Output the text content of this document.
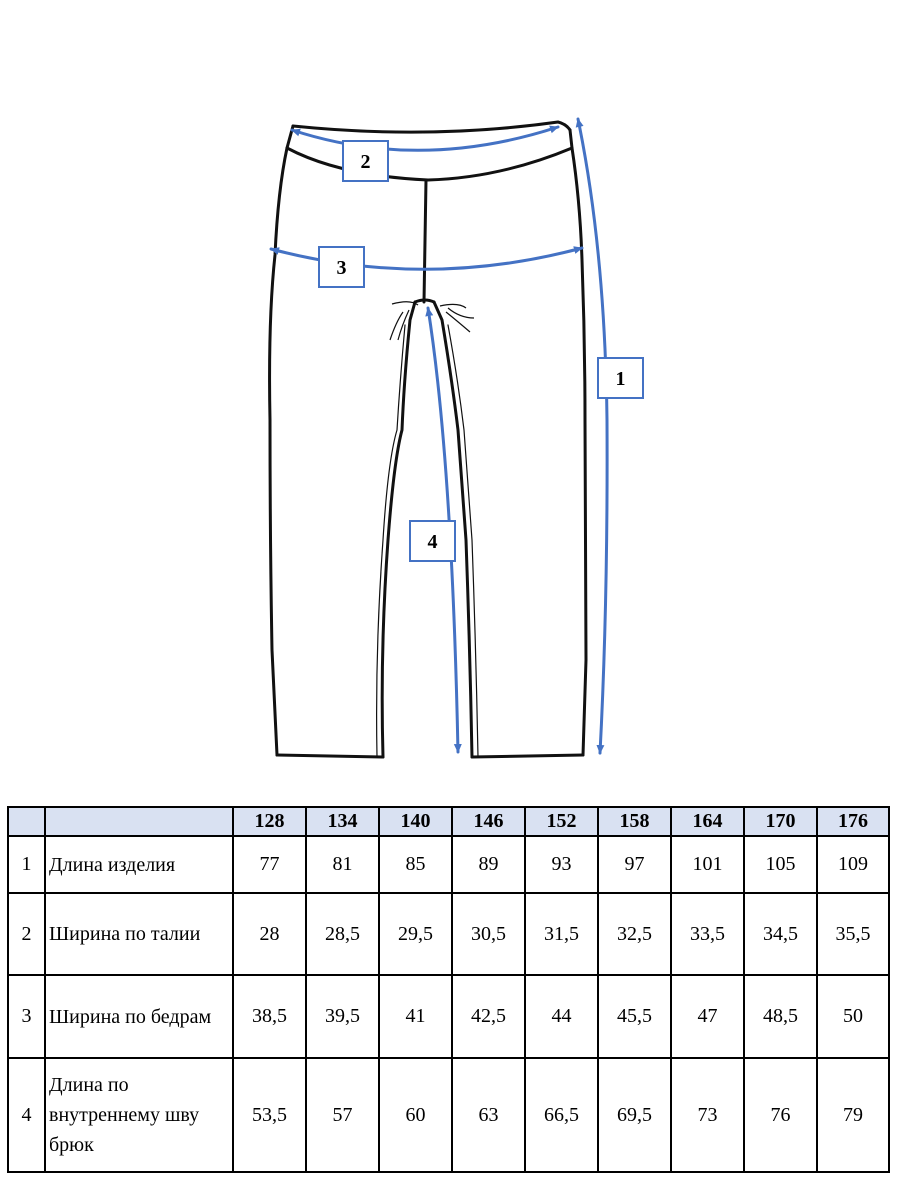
2
3
1
4
		128	134	140	146	152	158	164	170	176
1	Длина изделия	77	81	85	89	93	97	101	105	109
2	Ширина по талии	28	28,5	29,5	30,5	31,5	32,5	33,5	34,5	35,5
3	Ширина по бедрам	38,5	39,5	41	42,5	44	45,5	47	48,5	50
4	Длина по внутреннему шву брюк	53,5	57	60	63	66,5	69,5	73	76	79
